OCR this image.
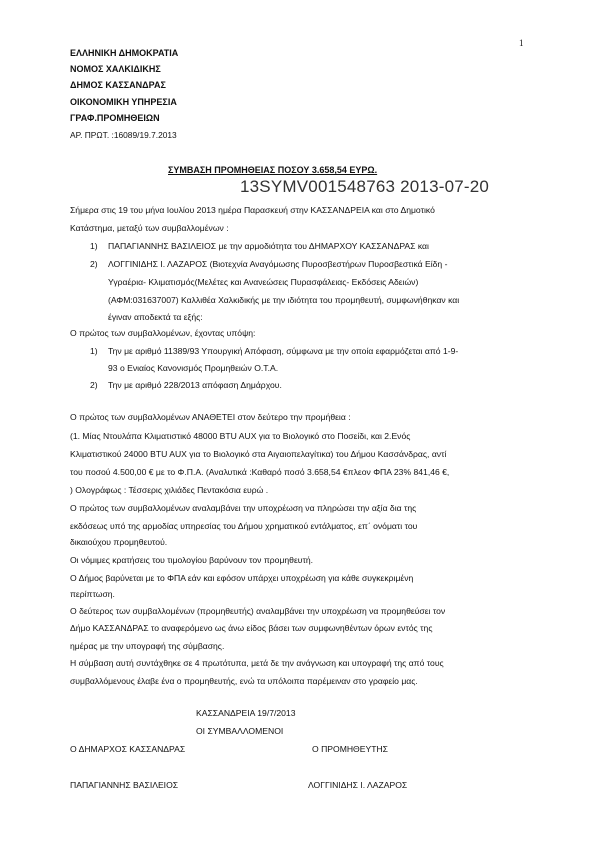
1
ΕΛΛΗΝΙΚΗ ΔΗΜΟΚΡΑΤΙΑ
ΝΟΜΟΣ ΧΑΛΚΙΔΙΚΗΣ
ΔΗΜΟΣ ΚΑΣΣΑΝΔΡΑΣ
ΟΙΚΟΝΟΜΙΚΗ ΥΠΗΡΕΣΙΑ
ΓΡΑΦ.ΠΡΟΜΗΘΕΙΩΝ
ΑΡ. ΠΡΩΤ. :16089/19.7.2013
ΣΥΜΒΑΣΗ ΠΡΟΜΗΘΕΙΑΣ ΠΟΣΟΥ 3.658,54 ΕΥΡΩ.
13SYMV001548763 2013-07-20
Σήμερα στις 19 του μήνα Ιουλίου 2013 ημέρα Παρασκευή στην ΚΑΣΣΑΝΔΡΕΙΑ και στο Δημοτικό
Κατάστημα, μεταξύ των συμβαλλομένων :
1) ΠΑΠΑΓΙΑΝΝΗΣ ΒΑΣΙΛΕΙΟΣ με την αρμοδιότητα του ΔΗΜΑΡΧΟΥ ΚΑΣΣΑΝΔΡΑΣ και
2) ΛΟΓΓΙΝΙΔΗΣ Ι. ΛΑΖΑΡΟΣ (Βιοτεχνία Αναγόμωσης Πυροσβεστήρων Πυροσβεστικά Είδη -
Υγραέρια- Κλιματισμός(Μελέτες και Ανανεώσεις Πυρασφάλειας- Εκδόσεις Αδειών)
(ΑΦΜ:031637007) Καλλιθέα Χαλκιδικής με την ιδιότητα του προμηθευτή, συμφωνήθηκαν και
έγιναν αποδεκτά τα εξής:
Ο πρώτος των συμβαλλομένων, έχοντας υπόψη:
1) Την με αριθμό 11389/93 Υπουργική Απόφαση, σύμφωνα με την οποία εφαρμόζεται από 1-9-
93 ο Ενιαίος Κανονισμός Προμηθειών Ο.Τ.Α.
2) Την με αριθμό 228/2013 απόφαση Δημάρχου.
Ο πρώτος των συμβαλλομένων ΑΝΑΘΕΤΕΙ στον δεύτερο την προμήθεια :
(1. Μίας Ντουλάπα Κλιματιστικό 48000 BTU AUX για το Βιολογικό στο Ποσείδι, και 2.Ενός
Κλιματιστικού 24000 BTU AUX για το Βιολογικό στα Αιγαιοπελαγίτικα) του Δήμου Κασσάνδρας, αντί
του ποσού 4.500,00 € με το Φ.Π.Α. (Αναλυτικά :Καθαρό ποσό 3.658,54 €πλεον ΦΠΑ 23% 841,46 €,
) Ολογράφως : Τέσσερις χιλιάδες Πεντακόσια ευρώ .
Ο πρώτος των συμβαλλομένων αναλαμβάνει την υποχρέωση να πληρώσει την αξία δια της
εκδόσεως υπό της αρμοδίας υπηρεσίας του Δήμου χρηματικού εντάλματος, επ΄ ονόματι του
δικαιούχου προμηθευτού.
Οι νόμιμες κρατήσεις του τιμολογίου βαρύνουν τον προμηθευτή.
Ο Δήμος βαρύνεται με το ΦΠΑ εάν και εφόσον υπάρχει υποχρέωση για κάθε συγκεκριμένη
περίπτωση.
Ο δεύτερος των συμβαλλομένων (προμηθευτής) αναλαμβάνει την υποχρέωση να προμηθεύσει τον
Δήμο ΚΑΣΣΑΝΔΡΑΣ το αναφερόμενο ως άνω είδος βάσει των συμφωνηθέντων όρων εντός της
ημέρας με την υπογραφή της σύμβασης.
Η σύμβαση αυτή συντάχθηκε σε 4 πρωτότυπα, μετά δε την ανάγνωση και υπογραφή της από τους
συμβαλλόμενους έλαβε ένα ο προμηθευτής, ενώ τα υπόλοιπα παρέμειναν στο γραφείο μας.
ΚΑΣΣΑΝΔΡΕΙΑ 19/7/2013
ΟΙ ΣΥΜΒΑΛΛΟΜΕΝΟΙ
Ο ΔΗΜΑΡΧΟΣ ΚΑΣΣΑΝΔΡΑΣ	Ο ΠΡΟΜΗΘΕΥΤΗΣ
ΠΑΠΑΓΙΑΝΝΗΣ ΒΑΣΙΛΕΙΟΣ	ΛΟΓΓΙΝΙΔΗΣ Ι. ΛΑΖΑΡΟΣ
